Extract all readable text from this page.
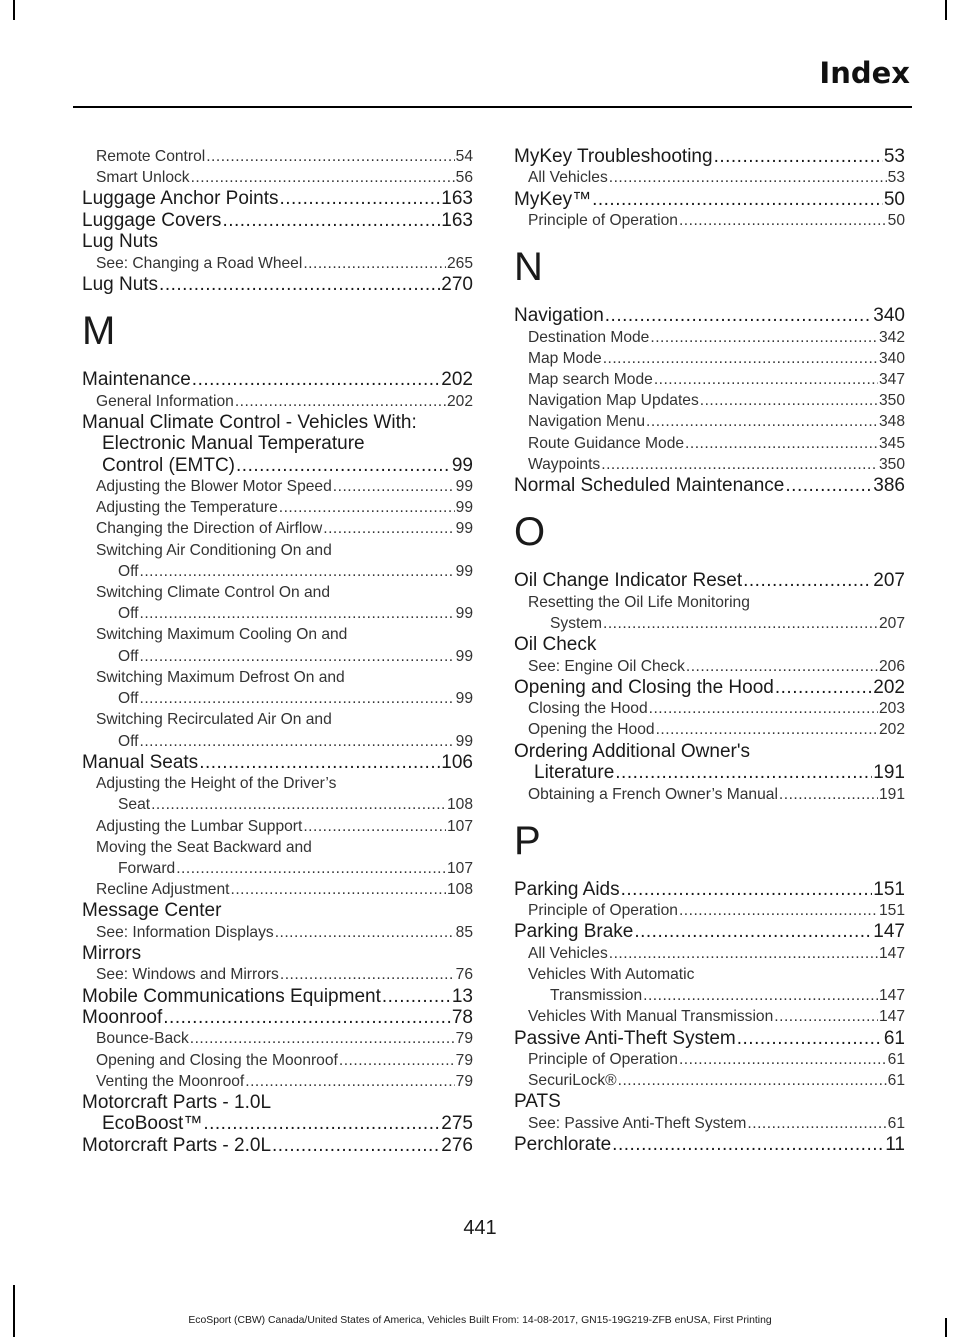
Index
Remote Control .....	54
Smart Unlock .....	56
Luggage Anchor Points .....	163
Luggage Covers .....	163
Lug Nuts
See: Changing a Road Wheel .....	265
Lug Nuts .....	270
M
Maintenance .....	202
General Information .....	202
Manual Climate Control - Vehicles With:
Electronic Manual Temperature
Control (EMTC) .....	99
Adjusting the Blower Motor Speed .....	99
Adjusting the Temperature .....	99
Changing the Direction of Airflow .....	99
Switching Air Conditioning On and
Off .....	99
Switching Climate Control On and
Off .....	99
Switching Maximum Cooling On and
Off .....	99
Switching Maximum Defrost On and
Off .....	99
Switching Recirculated Air On and
Off .....	99
Manual Seats .....	106
Adjusting the Height of the Driver’s
Seat .....	108
Adjusting the Lumbar Support .....	107
Moving the Seat Backward and
Forward .....	107
Recline Adjustment .....	108
Message Center
See: Information Displays .....	85
Mirrors
See: Windows and Mirrors .....	76
Mobile Communications Equipment .....	13
Moonroof .....	78
Bounce-Back .....	79
Opening and Closing the Moonroof .....	79
Venting the Moonroof .....	79
Motorcraft Parts - 1.0L
EcoBoost™ .....	275
Motorcraft Parts - 2.0L .....	276
MyKey Troubleshooting .....	53
All Vehicles .....	53
MyKey™ .....	50
Principle of Operation .....	50
N
Navigation .....	340
Destination Mode .....	342
Map Mode .....	340
Map search Mode .....	347
Navigation Map Updates .....	350
Navigation Menu .....	348
Route Guidance Mode .....	345
Waypoints .....	350
Normal Scheduled Maintenance .....	386
O
Oil Change Indicator Reset .....	207
Resetting the Oil Life Monitoring
System .....	207
Oil Check
See: Engine Oil Check .....	206
Opening and Closing the Hood .....	202
Closing the Hood .....	203
Opening the Hood .....	202
Ordering Additional Owner's
Literature .....	191
Obtaining a French Owner’s Manual .....	191
P
Parking Aids .....	151
Principle of Operation .....	151
Parking Brake .....	147
All Vehicles .....	147
Vehicles With Automatic
Transmission .....	147
Vehicles With Manual Transmission .....	147
Passive Anti-Theft System .....	61
Principle of Operation .....	61
SecuriLock® .....	61
PATS
See: Passive Anti-Theft System .....	61
Perchlorate .....	11
441
EcoSport (CBW) Canada/United States of America, Vehicles Built From: 14-08-2017, GN15-19G219-ZFB enUSA, First Printing
